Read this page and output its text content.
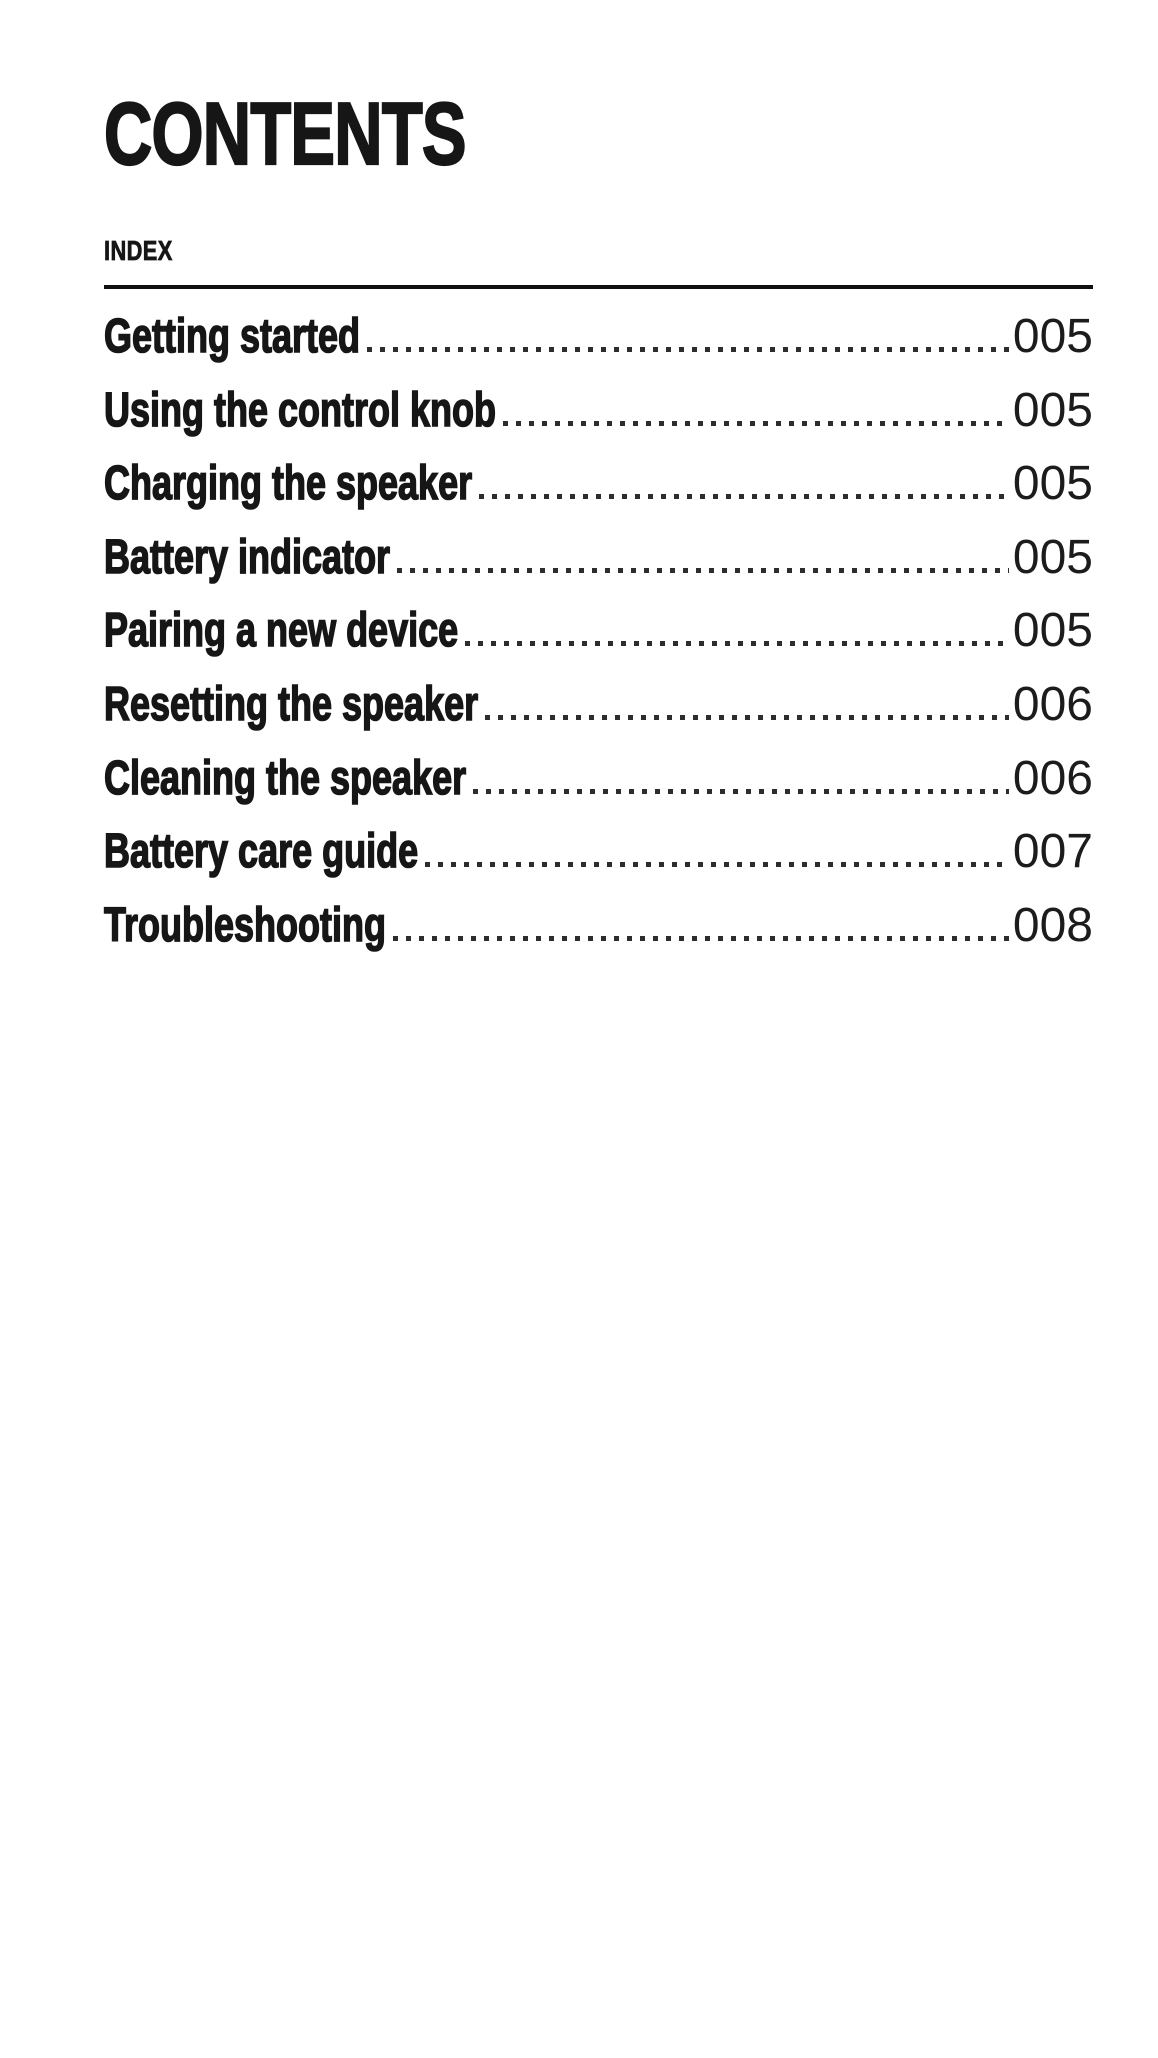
CONTENTS
INDEX
Getting started	005
Using the control knob	005
Charging the speaker	005
Battery indicator	005
Pairing a new device	005
Resetting the speaker	006
Cleaning the speaker	006
Battery care guide	007
Troubleshooting	008
